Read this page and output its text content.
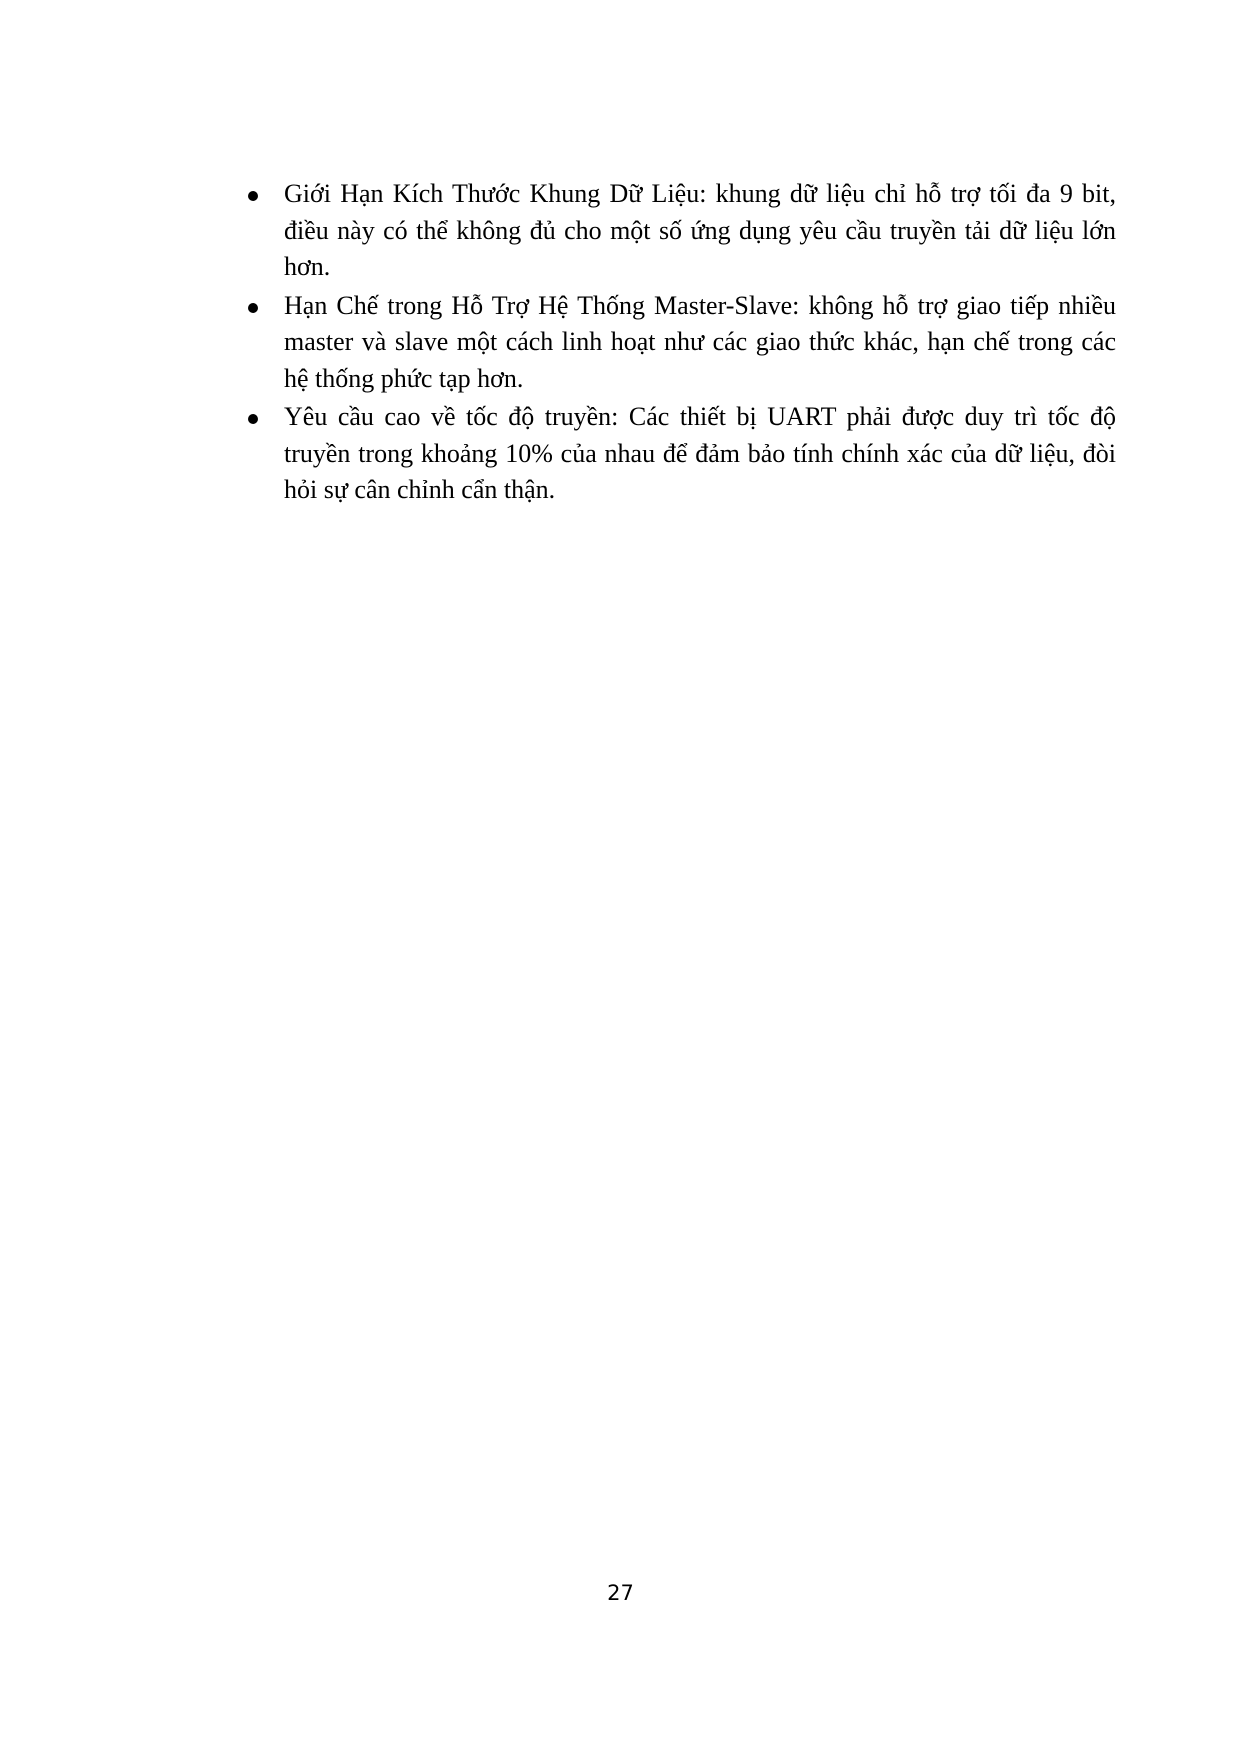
Giới Hạn Kích Thước Khung Dữ Liệu: khung dữ liệu chỉ hỗ trợ tối đa 9 bit, điều này có thể không đủ cho một số ứng dụng yêu cầu truyền tải dữ liệu lớn hơn.
Hạn Chế trong Hỗ Trợ Hệ Thống Master-Slave: không hỗ trợ giao tiếp nhiều master và slave một cách linh hoạt như các giao thức khác, hạn chế trong các hệ thống phức tạp hơn.
Yêu cầu cao về tốc độ truyền: Các thiết bị UART phải được duy trì tốc độ truyền trong khoảng 10% của nhau để đảm bảo tính chính xác của dữ liệu, đòi hỏi sự cân chỉnh cẩn thận.
27
